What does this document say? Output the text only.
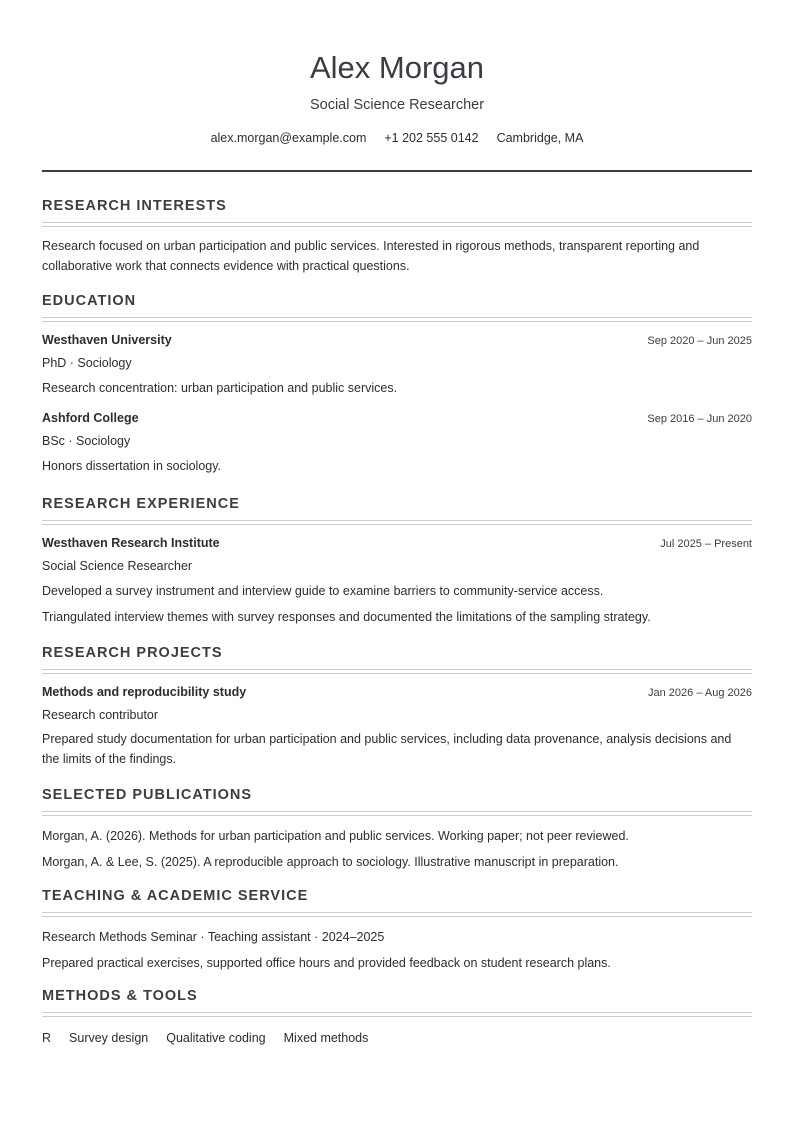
Alex Morgan
Social Science Researcher
alex.morgan@example.com +1 202 555 0142 Cambridge, MA
RESEARCH INTERESTS
Research focused on urban participation and public services. Interested in rigorous methods, transparent reporting and collaborative work that connects evidence with practical questions.
EDUCATION
Westhaven University	Sep 2020 – Jun 2025
PhD · Sociology
Research concentration: urban participation and public services.
Ashford College	Sep 2016 – Jun 2020
BSc · Sociology
Honors dissertation in sociology.
RESEARCH EXPERIENCE
Westhaven Research Institute	Jul 2025 – Present
Social Science Researcher
Developed a survey instrument and interview guide to examine barriers to community-service access.
Triangulated interview themes with survey responses and documented the limitations of the sampling strategy.
RESEARCH PROJECTS
Methods and reproducibility study	Jan 2026 – Aug 2026
Research contributor
Prepared study documentation for urban participation and public services, including data provenance, analysis decisions and the limits of the findings.
SELECTED PUBLICATIONS
Morgan, A. (2026). Methods for urban participation and public services. Working paper; not peer reviewed.
Morgan, A. & Lee, S. (2025). A reproducible approach to sociology. Illustrative manuscript in preparation.
TEACHING & ACADEMIC SERVICE
Research Methods Seminar · Teaching assistant · 2024–2025
Prepared practical exercises, supported office hours and provided feedback on student research plans.
METHODS & TOOLS
R Survey design Qualitative coding Mixed methods
